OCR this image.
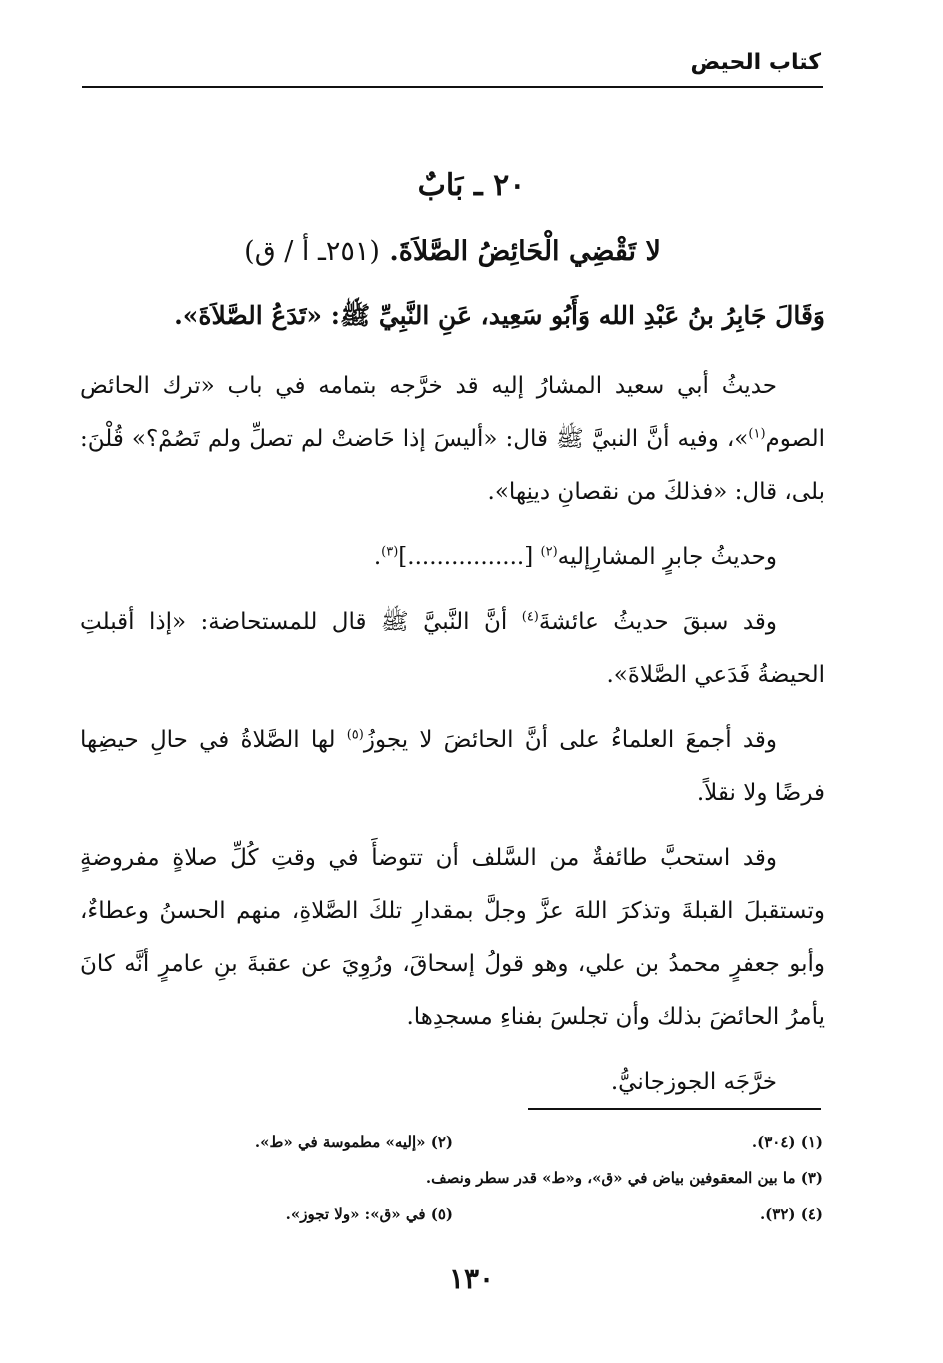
كتاب الحيض
٢٠ ـ بَابٌ
لا تَقْضِي الْحَائِضُ الصَّلاَةَ. (٢٥١ـ أ / ق)
وَقَالَ جَابِرُ بنُ عَبْدِ الله وَأَبُو سَعِيد، عَنِ النَّبِيِّ ﷺ: «تَدَعُ الصَّلاَةَ».

حديثُ أبي سعيد المشارُ إليه قد خرَّجه بتمامه في باب «ترك الحائض الصوم$^{(١)}$»، وفيه أنَّ النبيَّ ﷺ قال: «أليسَ إذا حَاضتْ لم تصلِّ ولم تَصُمْ؟» قُلْنَ: بلى، قال: «فذلكَ من نقصانِ دينِها».

وحديثُ جابرٍ المشارِإليه$^{(٢)}$ [................]$^{(٣)}$.

وقد سبقَ حديثُ عائشةَ$^{(٤)}$ أنَّ النَّبيَّ ﷺ قال للمستحاضة: «إذا أقبلتِ الحيضةُ فَدَعي الصَّلاةَ».

وقد أجمعَ العلماءُ على أنَّ الحائضَ لا يجوزُ$^{(٥)}$ لها الصَّلاةُ في حالِ حيضِها فرضًا ولا نقلاً.

وقد استحبَّ طائفةٌ من السَّلف أن تتوضأَ في وقتِ كُلِّ صلاةٍ مفروضةٍ وتستقبلَ القبلةَ وتذكرَ اللهَ عزَّ وجلَّ بمقدارِ تلكَ الصَّلاةِ، منهم الحسنُ وعطاءٌ، وأبو جعفرٍ محمدُ بن علي، وهو قولُ إسحاقَ، ورُوِيَ عن عقبةَ بنِ عامرٍ أنَّه كانَ يأمرُ الحائضَ بذلك وأن تجلسَ بفناءِ مسجدِها.

خرَّجَه الجوزجانيُّ.

(١) (٣٠٤).
(٢) «إليه» مطموسة في «ط».
(٣) ما بين المعقوفين بياض في «ق»، و«ط» قدر سطر ونصف.
(٤) (٣٢).
(٥) في «ق»: «ولا تجوز».
١٣٠
